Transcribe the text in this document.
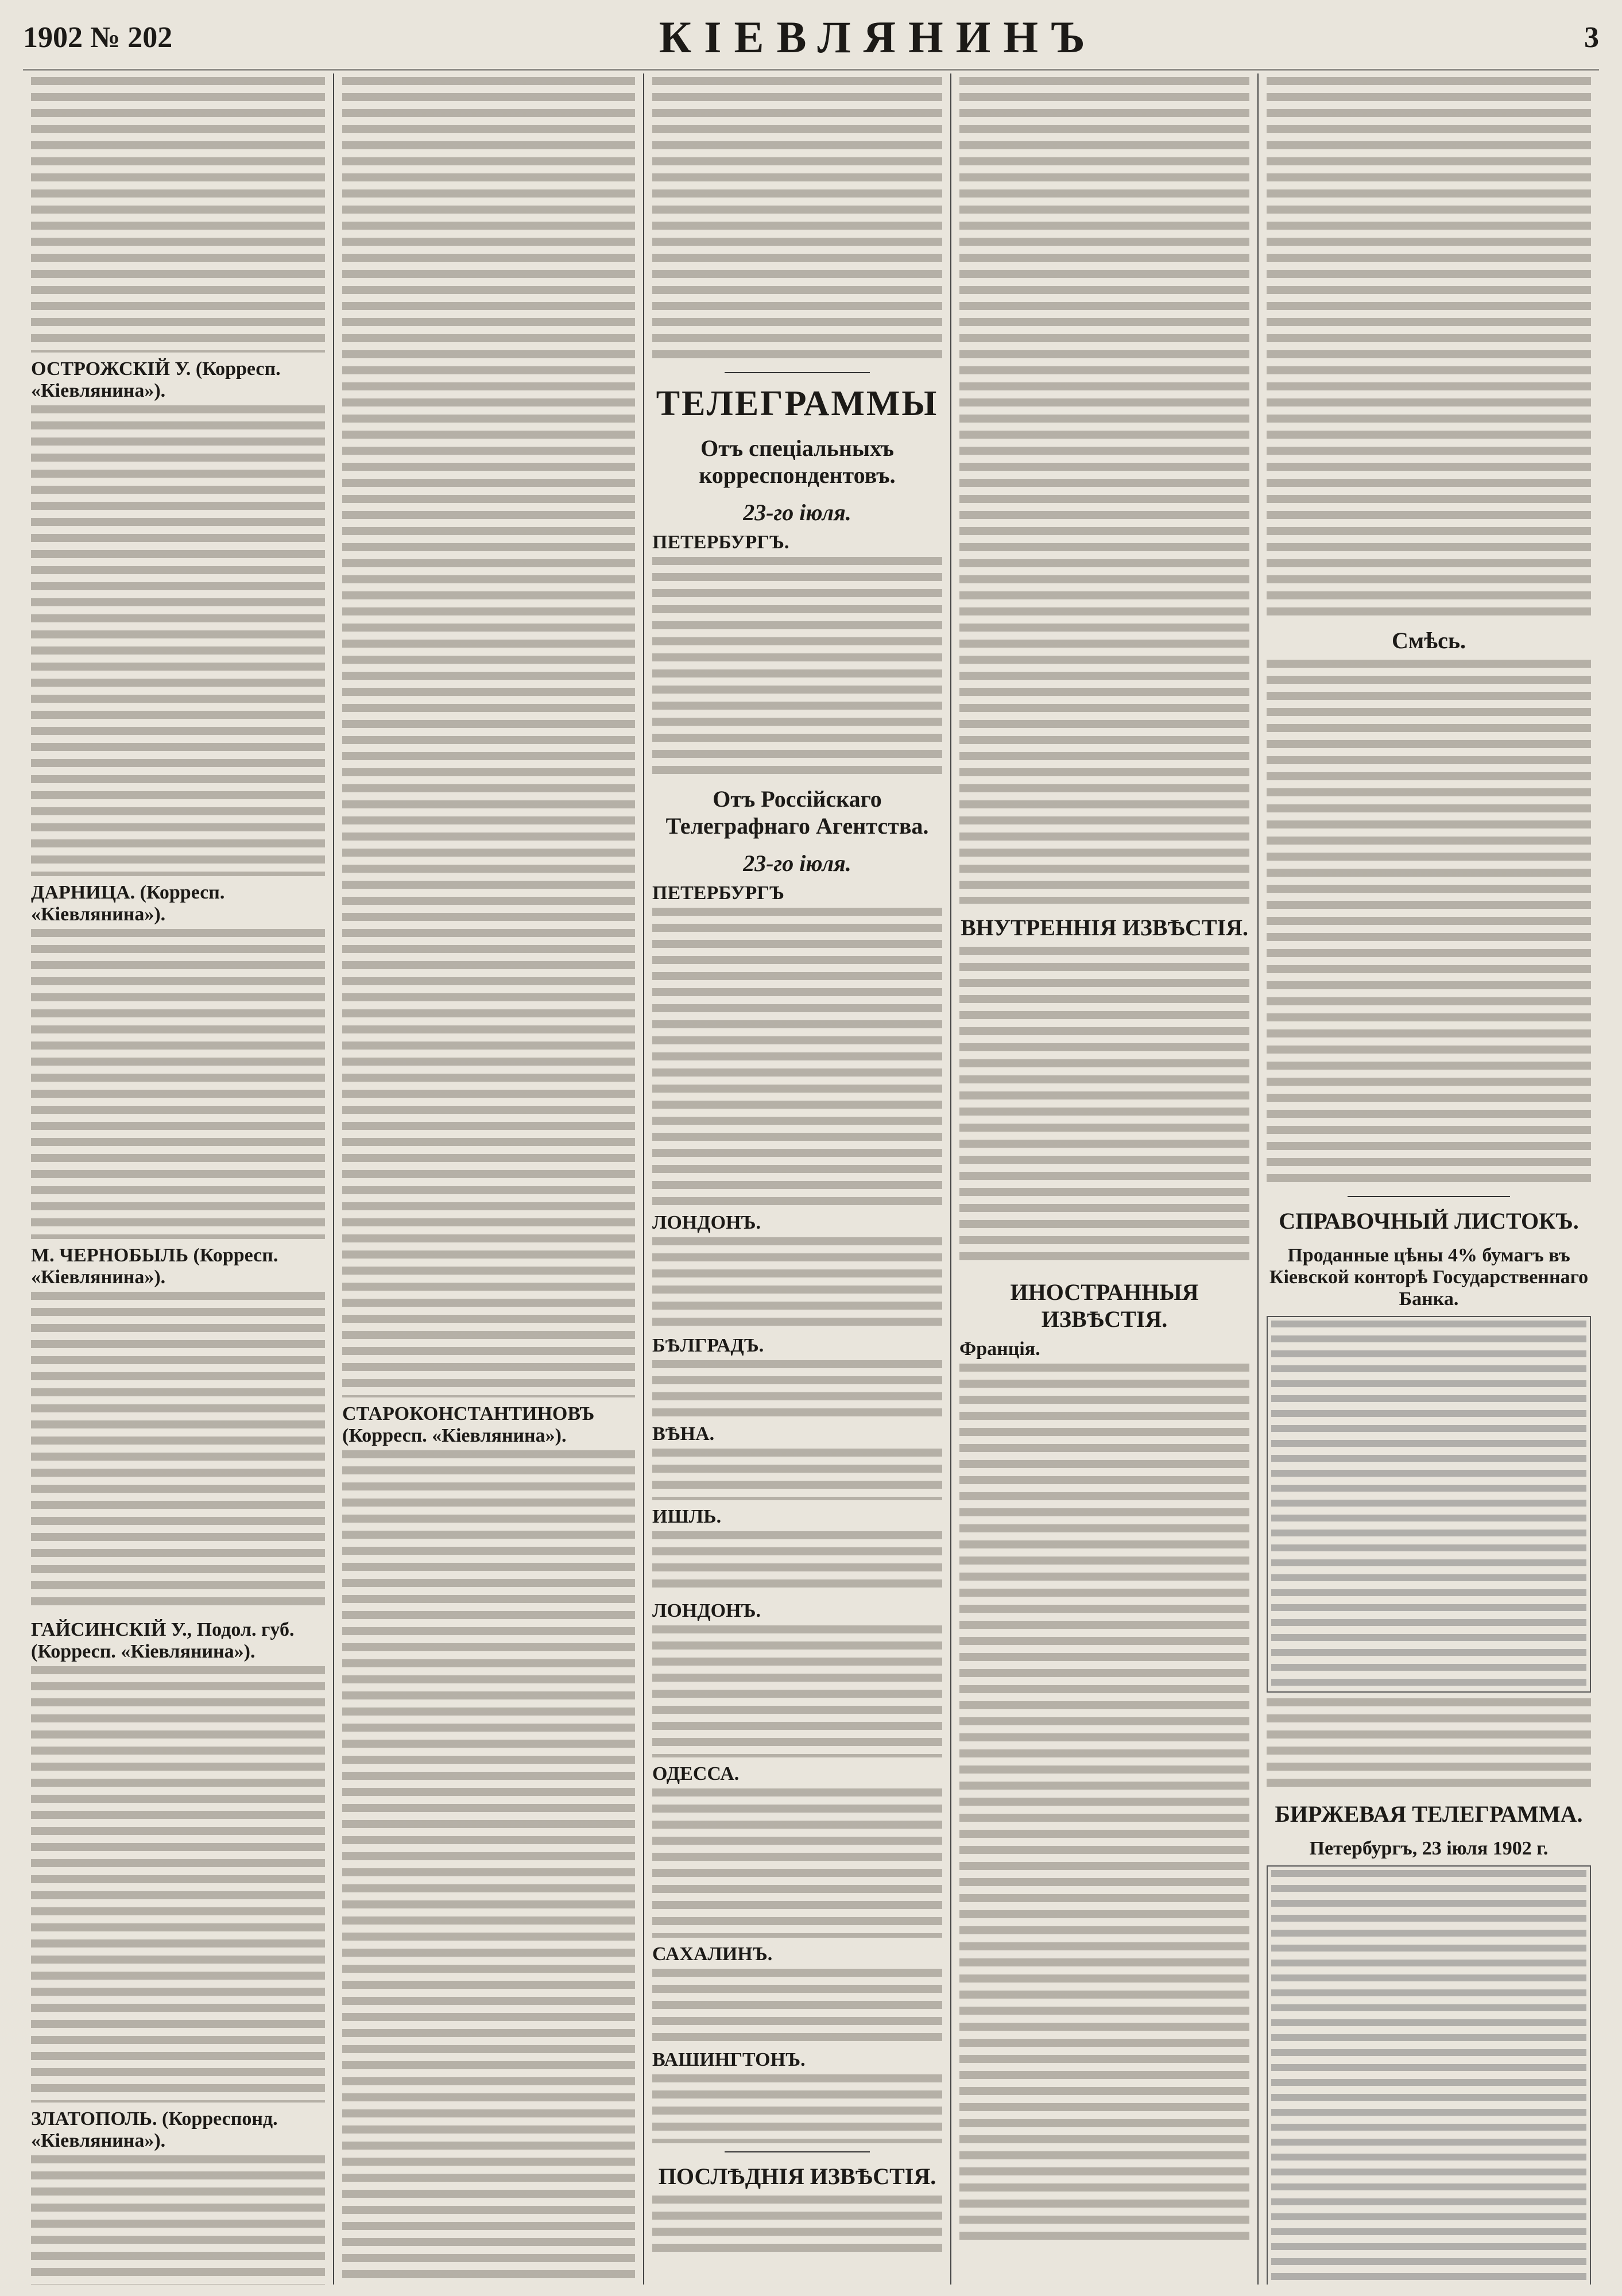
1902 № 202	КІЕВЛЯНИНЪ	3
ОСТРОЖСКІЙ У. (Корресп. «Кіевлянина»).
ДАРНИЦА. (Корресп. «Кіевлянина»).
М. ЧЕРНОБЫЛЬ (Корресп. «Кіевлянина»).
ГАЙСИНСКІЙ У., Подол. губ. (Корресп. «Кіевлянина»).
ЗЛАТОПОЛЬ. (Корреспонд. «Кіевлянина»).
СТАРОКОНСТАНТИНОВЪ (Корресп. «Кіевлянина»).
ТЕЛЕГРАММЫ
Отъ спеціальныхъ корреспондентовъ.
23-го іюля.
ПЕТЕРБУРГЪ.
Отъ Россійскаго Телеграфнаго Агентства.
23-го іюля.
ПЕТЕРБУРГЪ
ЛОНДОНЪ.
БѢЛГРАДЪ.
ВѢНА.
ИШЛЬ.
ЛОНДОНЪ.
ОДЕССА.
САХАЛИНЪ.
ВАШИНГТОНЪ.
ПОСЛѢДНІЯ ИЗВѢСТІЯ.
ВНУТРЕННІЯ ИЗВѢСТІЯ.
ИНОСТРАННЫЯ ИЗВѢСТІЯ.
Франція.
Смѣсь.
СПРАВОЧНЫЙ ЛИСТОКЪ.
Проданные цѣны 4% бумагъ въ Кіевской конторѣ Государственнаго Банка.
БИРЖЕВАЯ ТЕЛЕГРАММА.
Петербургъ, 23 іюля 1902 г.
